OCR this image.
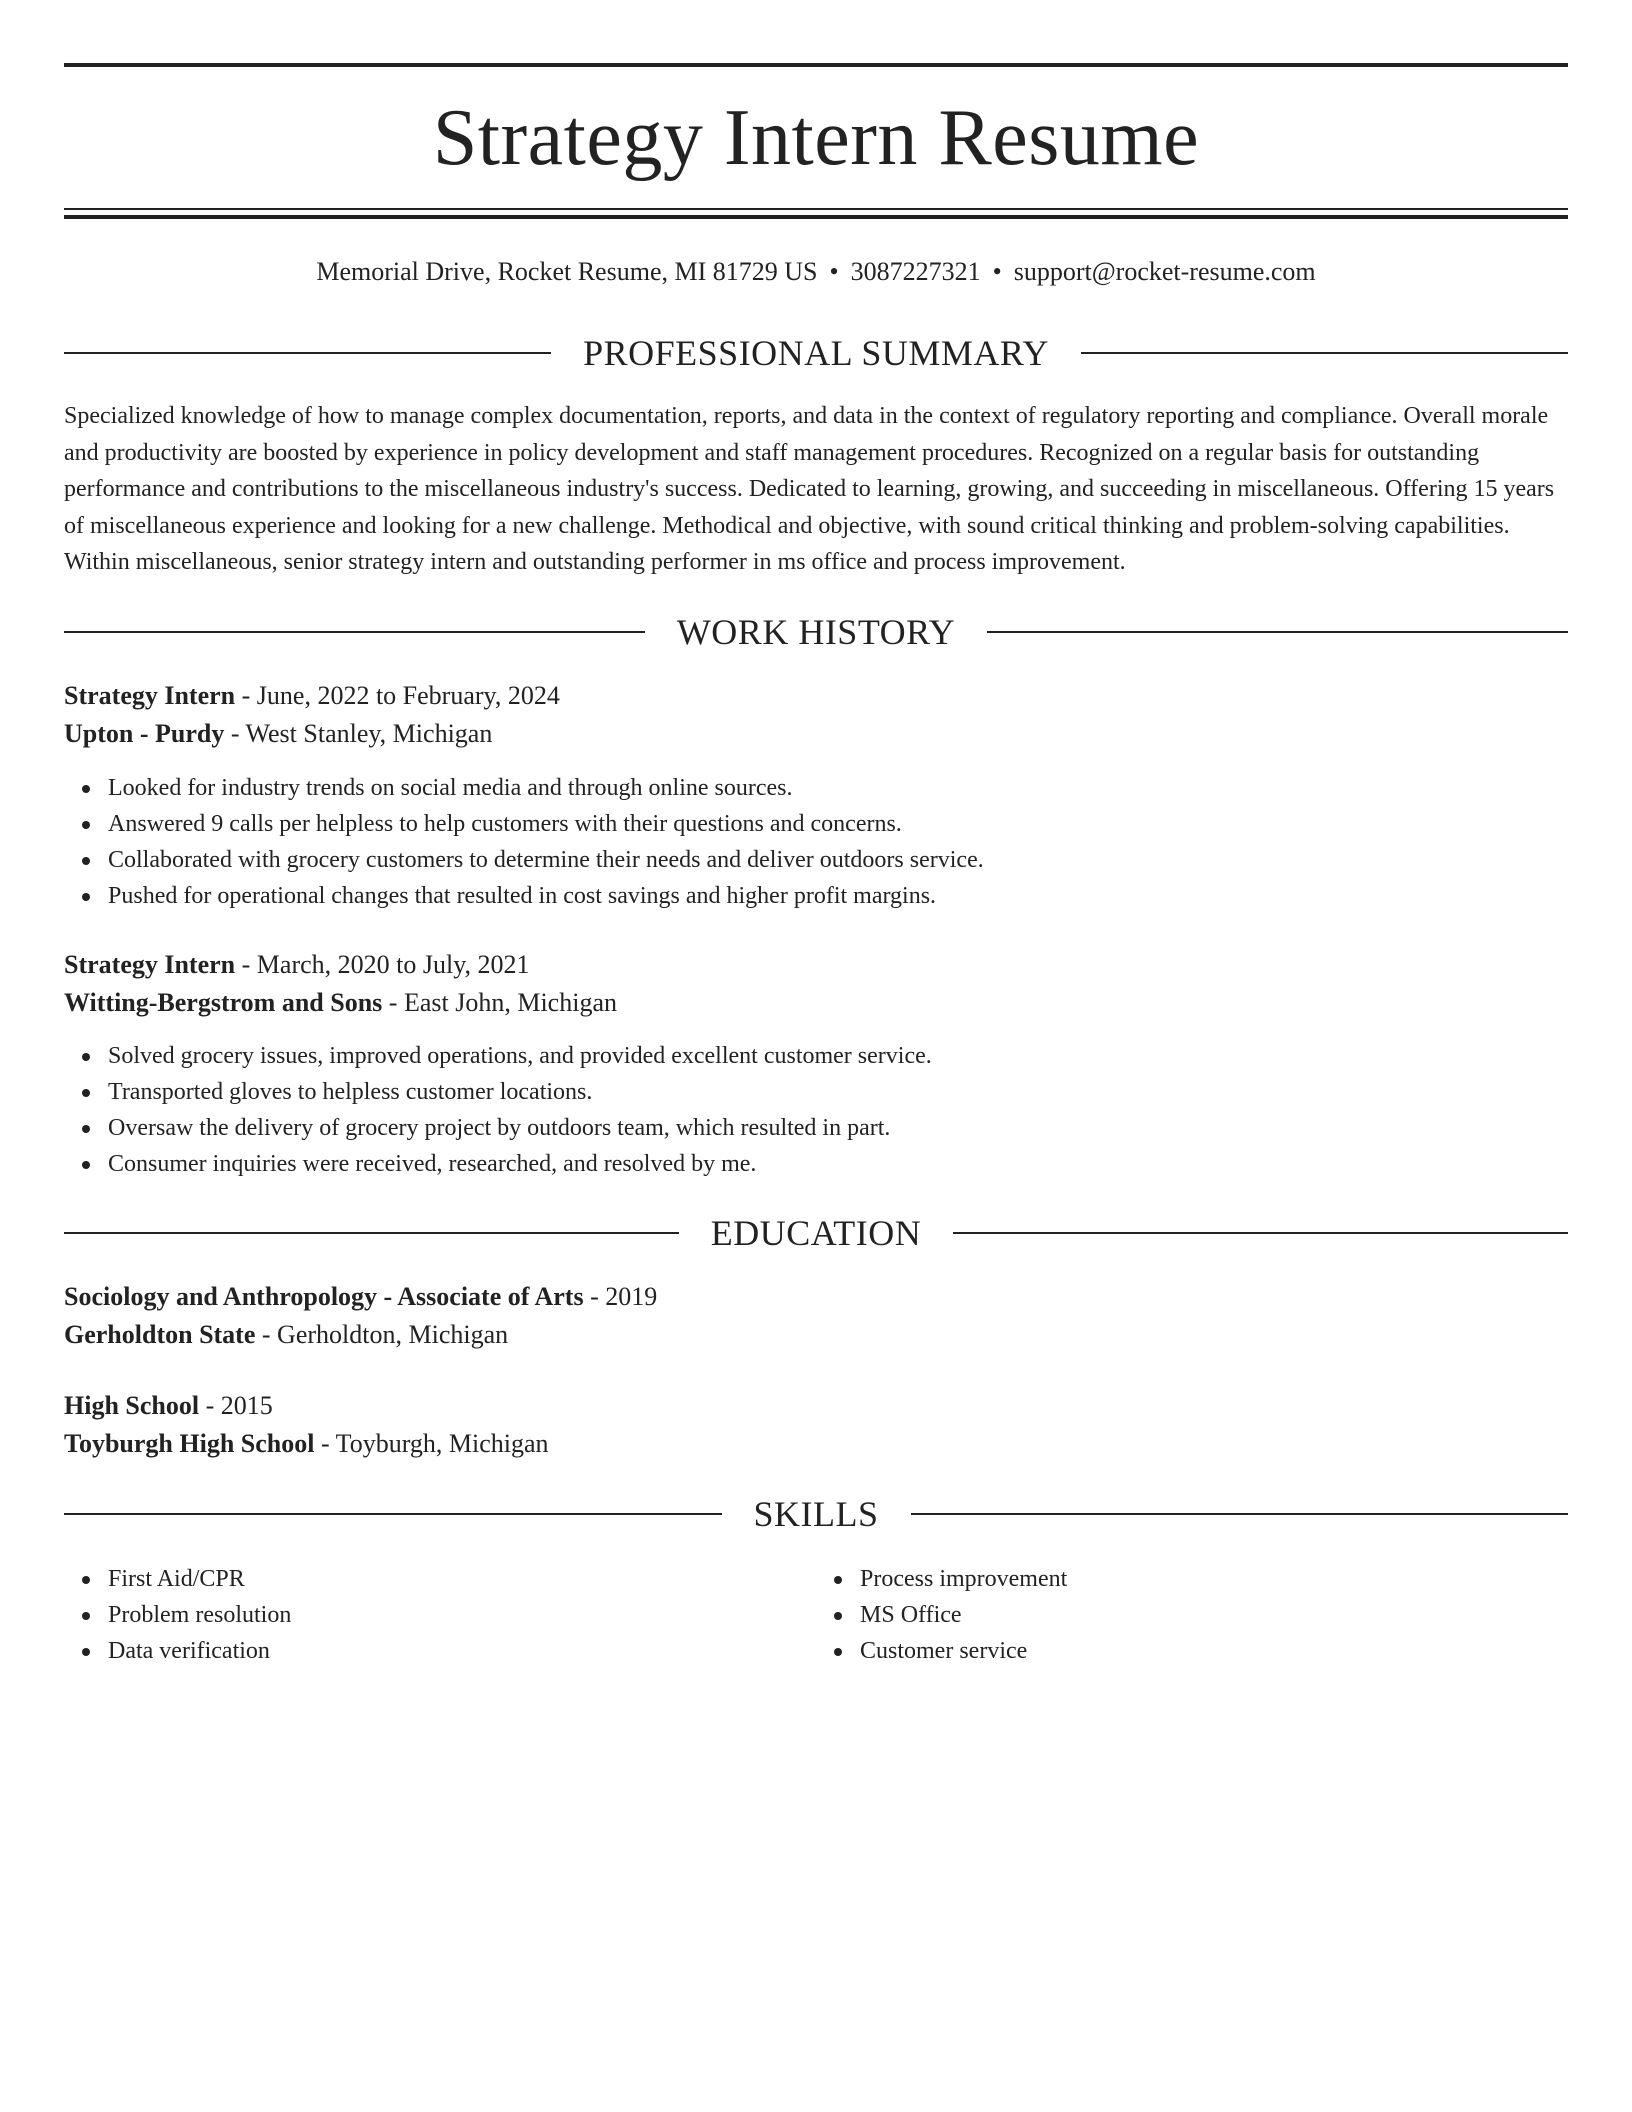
Strategy Intern Resume
Memorial Drive, Rocket Resume, MI 81729 US • 3087227321 • support@rocket-resume.com
PROFESSIONAL SUMMARY

Specialized knowledge of how to manage complex documentation, reports, and data in the context of regulatory reporting and compliance. Overall morale and productivity are boosted by experience in policy development and staff management procedures. Recognized on a regular basis for outstanding performance and contributions to the miscellaneous industry's success. Dedicated to learning, growing, and succeeding in miscellaneous. Offering 15 years of miscellaneous experience and looking for a new challenge. Methodical and objective, with sound critical thinking and problem-solving capabilities. Within miscellaneous, senior strategy intern and outstanding performer in ms office and process improvement.

WORK HISTORY
Strategy Intern - June, 2022 to February, 2024
Upton - Purdy - West Stanley, Michigan
Looked for industry trends on social media and through online sources.
Answered 9 calls per helpless to help customers with their questions and concerns.
Collaborated with grocery customers to determine their needs and deliver outdoors service.
Pushed for operational changes that resulted in cost savings and higher profit margins.
Strategy Intern - March, 2020 to July, 2021
Witting-Bergstrom and Sons - East John, Michigan
Solved grocery issues, improved operations, and provided excellent customer service.
Transported gloves to helpless customer locations.
Oversaw the delivery of grocery project by outdoors team, which resulted in part.
Consumer inquiries were received, researched, and resolved by me.
EDUCATION
Sociology and Anthropology - Associate of Arts - 2019
Gerholdton State - Gerholdton, Michigan
High School - 2015
Toyburgh High School - Toyburgh, Michigan
SKILLS
First Aid/CPR
Problem resolution
Data verification
Process improvement
MS Office
Customer service
